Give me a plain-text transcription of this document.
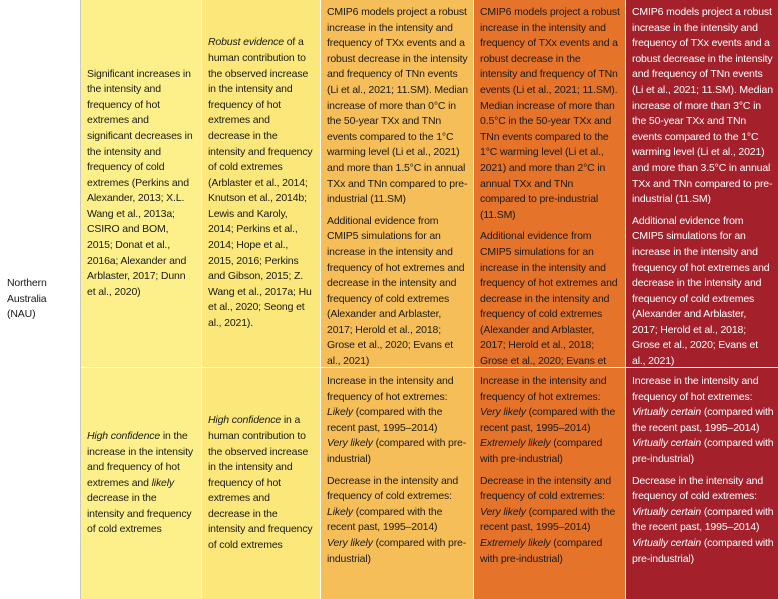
Northern
Australia
(NAU)

Significant increases in the intensity and frequency of hot extremes and significant decreases in the intensity and frequency of cold extremes (Perkins and Alexander, 2013; X.L. Wang et al., 2013a; CSIRO and BOM, 2015; Donat et al., 2016a; Alexander and Arblaster, 2017; Dunn et al., 2020)

Robust evidence of a human contribution to the observed increase in the intensity and frequency of hot extremes and decrease in the intensity and frequency of cold extremes (Arblaster et al., 2014; Knutson et al., 2014b; Lewis and Karoly, 2014; Perkins et al., 2014; Hope et al., 2015, 2016; Perkins and Gibson, 2015; Z. Wang et al., 2017a; Hu et al., 2020; Seong et al., 2021).

CMIP6 models project a robust increase in the intensity and frequency of TXx events and a robust decrease in the intensity and frequency of TNn events (Li et al., 2021; 11.SM). Median increase of more than 0°C in the 50-year TXx and TNn events compared to the 1°C warming level (Li et al., 2021) and more than 1.5°C in annual TXx and TNn compared to pre-industrial (11.SM)

Additional evidence from CMIP5 simulations for an increase in the intensity and frequency of hot extremes and decrease in the intensity and frequency of cold extremes (Alexander and Arblaster, 2017; Herold et al., 2018; Grose et al., 2020; Evans et al., 2021)

CMIP6 models project a robust increase in the intensity and frequency of TXx events and a robust decrease in the intensity and frequency of TNn events (Li et al., 2021; 11.SM). Median increase of more than 0.5°C in the 50-year TXx and TNn events compared to the 1°C warming level (Li et al., 2021) and more than 2°C in annual TXx and TNn compared to pre-industrial (11.SM)

Additional evidence from CMIP5 simulations for an increase in the intensity and frequency of hot extremes and decrease in the intensity and frequency of cold extremes (Alexander and Arblaster, 2017; Herold et al., 2018; Grose et al., 2020; Evans et

CMIP6 models project a robust increase in the intensity and frequency of TXx events and a robust decrease in the intensity and frequency of TNn events (Li et al., 2021; 11.SM). Median increase of more than 3°C in the 50-year TXx and TNn events compared to the 1°C warming level (Li et al., 2021) and more than 3.5°C in annual TXx and TNn compared to pre-industrial (11.SM)

Additional evidence from CMIP5 simulations for an increase in the intensity and frequency of hot extremes and decrease in the intensity and frequency of cold extremes (Alexander and Arblaster, 2017; Herold et al., 2018; Grose et al., 2020; Evans et al., 2021)

High confidence in the increase in the intensity and frequency of hot extremes and likely decrease in the intensity and frequency of cold extremes

High confidence in a human contribution to the observed increase in the intensity and frequency of hot extremes and decrease in the intensity and frequency of cold extremes

Increase in the intensity and frequency of hot extremes:

Likely (compared with the recent past, 1995–2014)

Very likely (compared with pre-industrial)

Decrease in the intensity and frequency of cold extremes:

Likely (compared with the recent past, 1995–2014)

Very likely (compared with pre-industrial)

Increase in the intensity and frequency of hot extremes:

Very likely (compared with the recent past, 1995–2014)

Extremely likely (compared with pre-industrial)

Decrease in the intensity and frequency of cold extremes:

Very likely (compared with the recent past, 1995–2014)

Extremely likely (compared with pre-industrial)

Increase in the intensity and frequency of hot extremes:

Virtually certain (compared with the recent past, 1995–2014)

Virtually certain (compared with pre-industrial)

Decrease in the intensity and frequency of cold extremes:

Virtually certain (compared with the recent past, 1995–2014)

Virtually certain (compared with pre-industrial)
